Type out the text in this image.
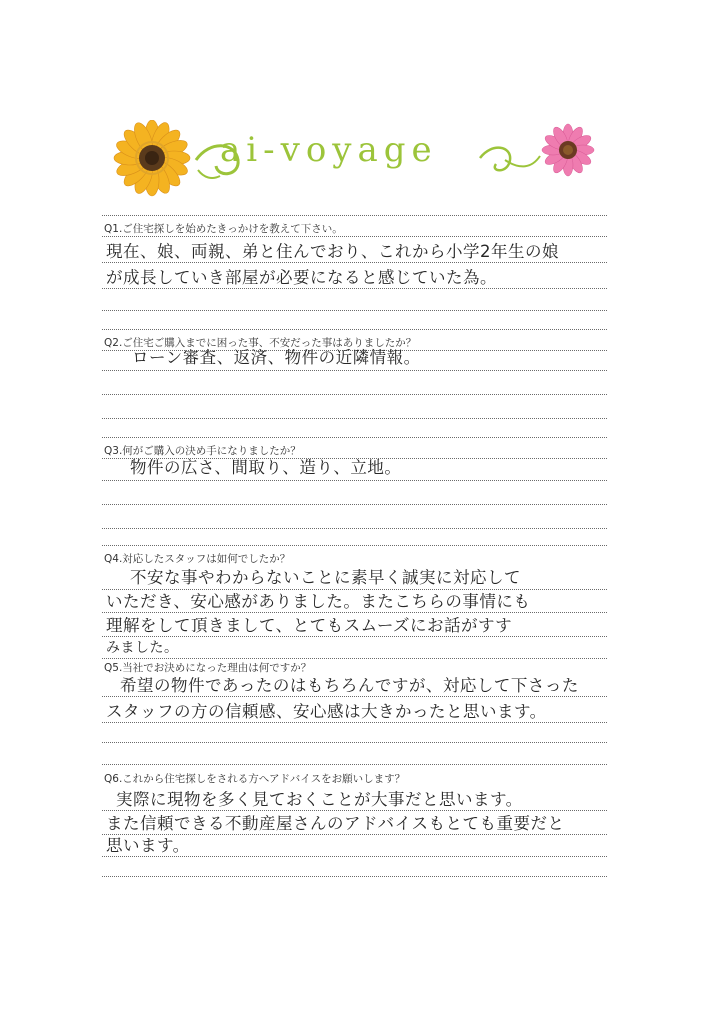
ai-voyage
Q1.ご住宅探しを始めたきっかけを教えて下さい。
現在、娘、両親、弟と住んでおり、これから小学2年生の娘
が成長していき部屋が必要になると感じていた為。
Q2.ご住宅ご購入までに困った事、不安だった事はありましたか？
ローン審査、返済、物件の近隣情報。
Q3.何がご購入の決め手になりましたか？
物件の広さ、間取り、造り、立地。
Q4.対応したスタッフは如何でしたか？
不安な事やわからないことに素早く誠実に対応して
いただき、安心感がありました。またこちらの事情にも
理解をして頂きまして、とてもスムーズにお話がすす
みました。
Q5.当社でお決めになった理由は何ですか？
希望の物件であったのはもちろんですが、対応して下さった
スタッフの方の信頼感、安心感は大きかったと思います。
Q6.これから住宅探しをされる方へアドバイスをお願いします？
実際に現物を多く見ておくことが大事だと思います。
また信頼できる不動産屋さんのアドバイスもとても重要だと
思います。
